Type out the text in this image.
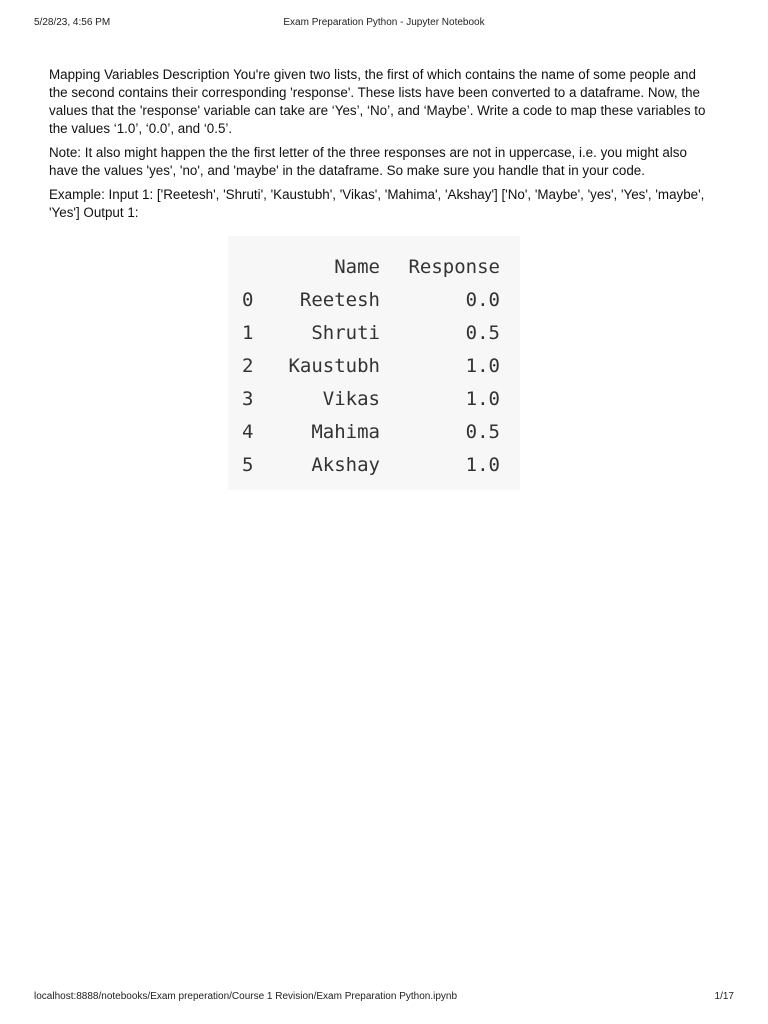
5/28/23, 4:56 PM	Exam Preparation Python - Jupyter Notebook

Mapping Variables Description You're given two lists, the first of which contains the name of some people and the second contains their corresponding 'response'. These lists have been converted to a dataframe. Now, the values that the 'response' variable can take are ‘Yes’, ‘No’, and ‘Maybe’. Write a code to map these variables to the values ‘1.0’, ‘0.0’, and ‘0.5’.

Note: It also might happen the the first letter of the three responses are not in uppercase, i.e. you might also have the values 'yes', 'no', and 'maybe' in the dataframe. So make sure you handle that in your code.

Example: Input 1: ['Reetesh', 'Shruti', 'Kaustubh', 'Vikas', 'Mahima', 'Akshay'] ['No', 'Maybe', 'yes', 'Yes', 'maybe', 'Yes'] Output 1:

	Name	Response
0	Reetesh	0.0
1	Shruti	0.5
2	Kaustubh	1.0
3	Vikas	1.0
4	Mahima	0.5
5	Akshay	1.0
localhost:8888/notebooks/Exam preperation/Course 1 Revision/Exam Preparation Python.ipynb	1/17
